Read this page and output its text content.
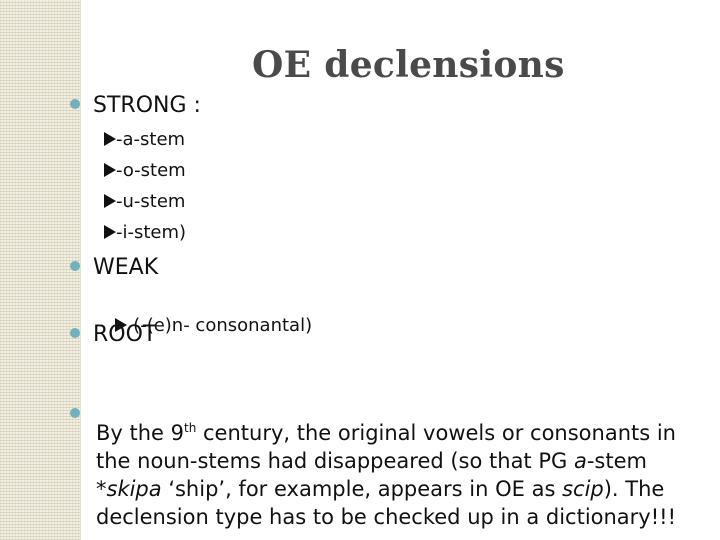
OE declensions
STRONG :
-a-stem
-o-stem
-u-stem
-i-stem)
WEAK

(-(e)n- consonantal)

ROOT

By the 9th century, the original vowels or consonants in the noun-stems had disappeared (so that PG a-stem *skipa ‘ship’, for example, appears in OE as scip). The declension type has to be checked up in a dictionary!!!
